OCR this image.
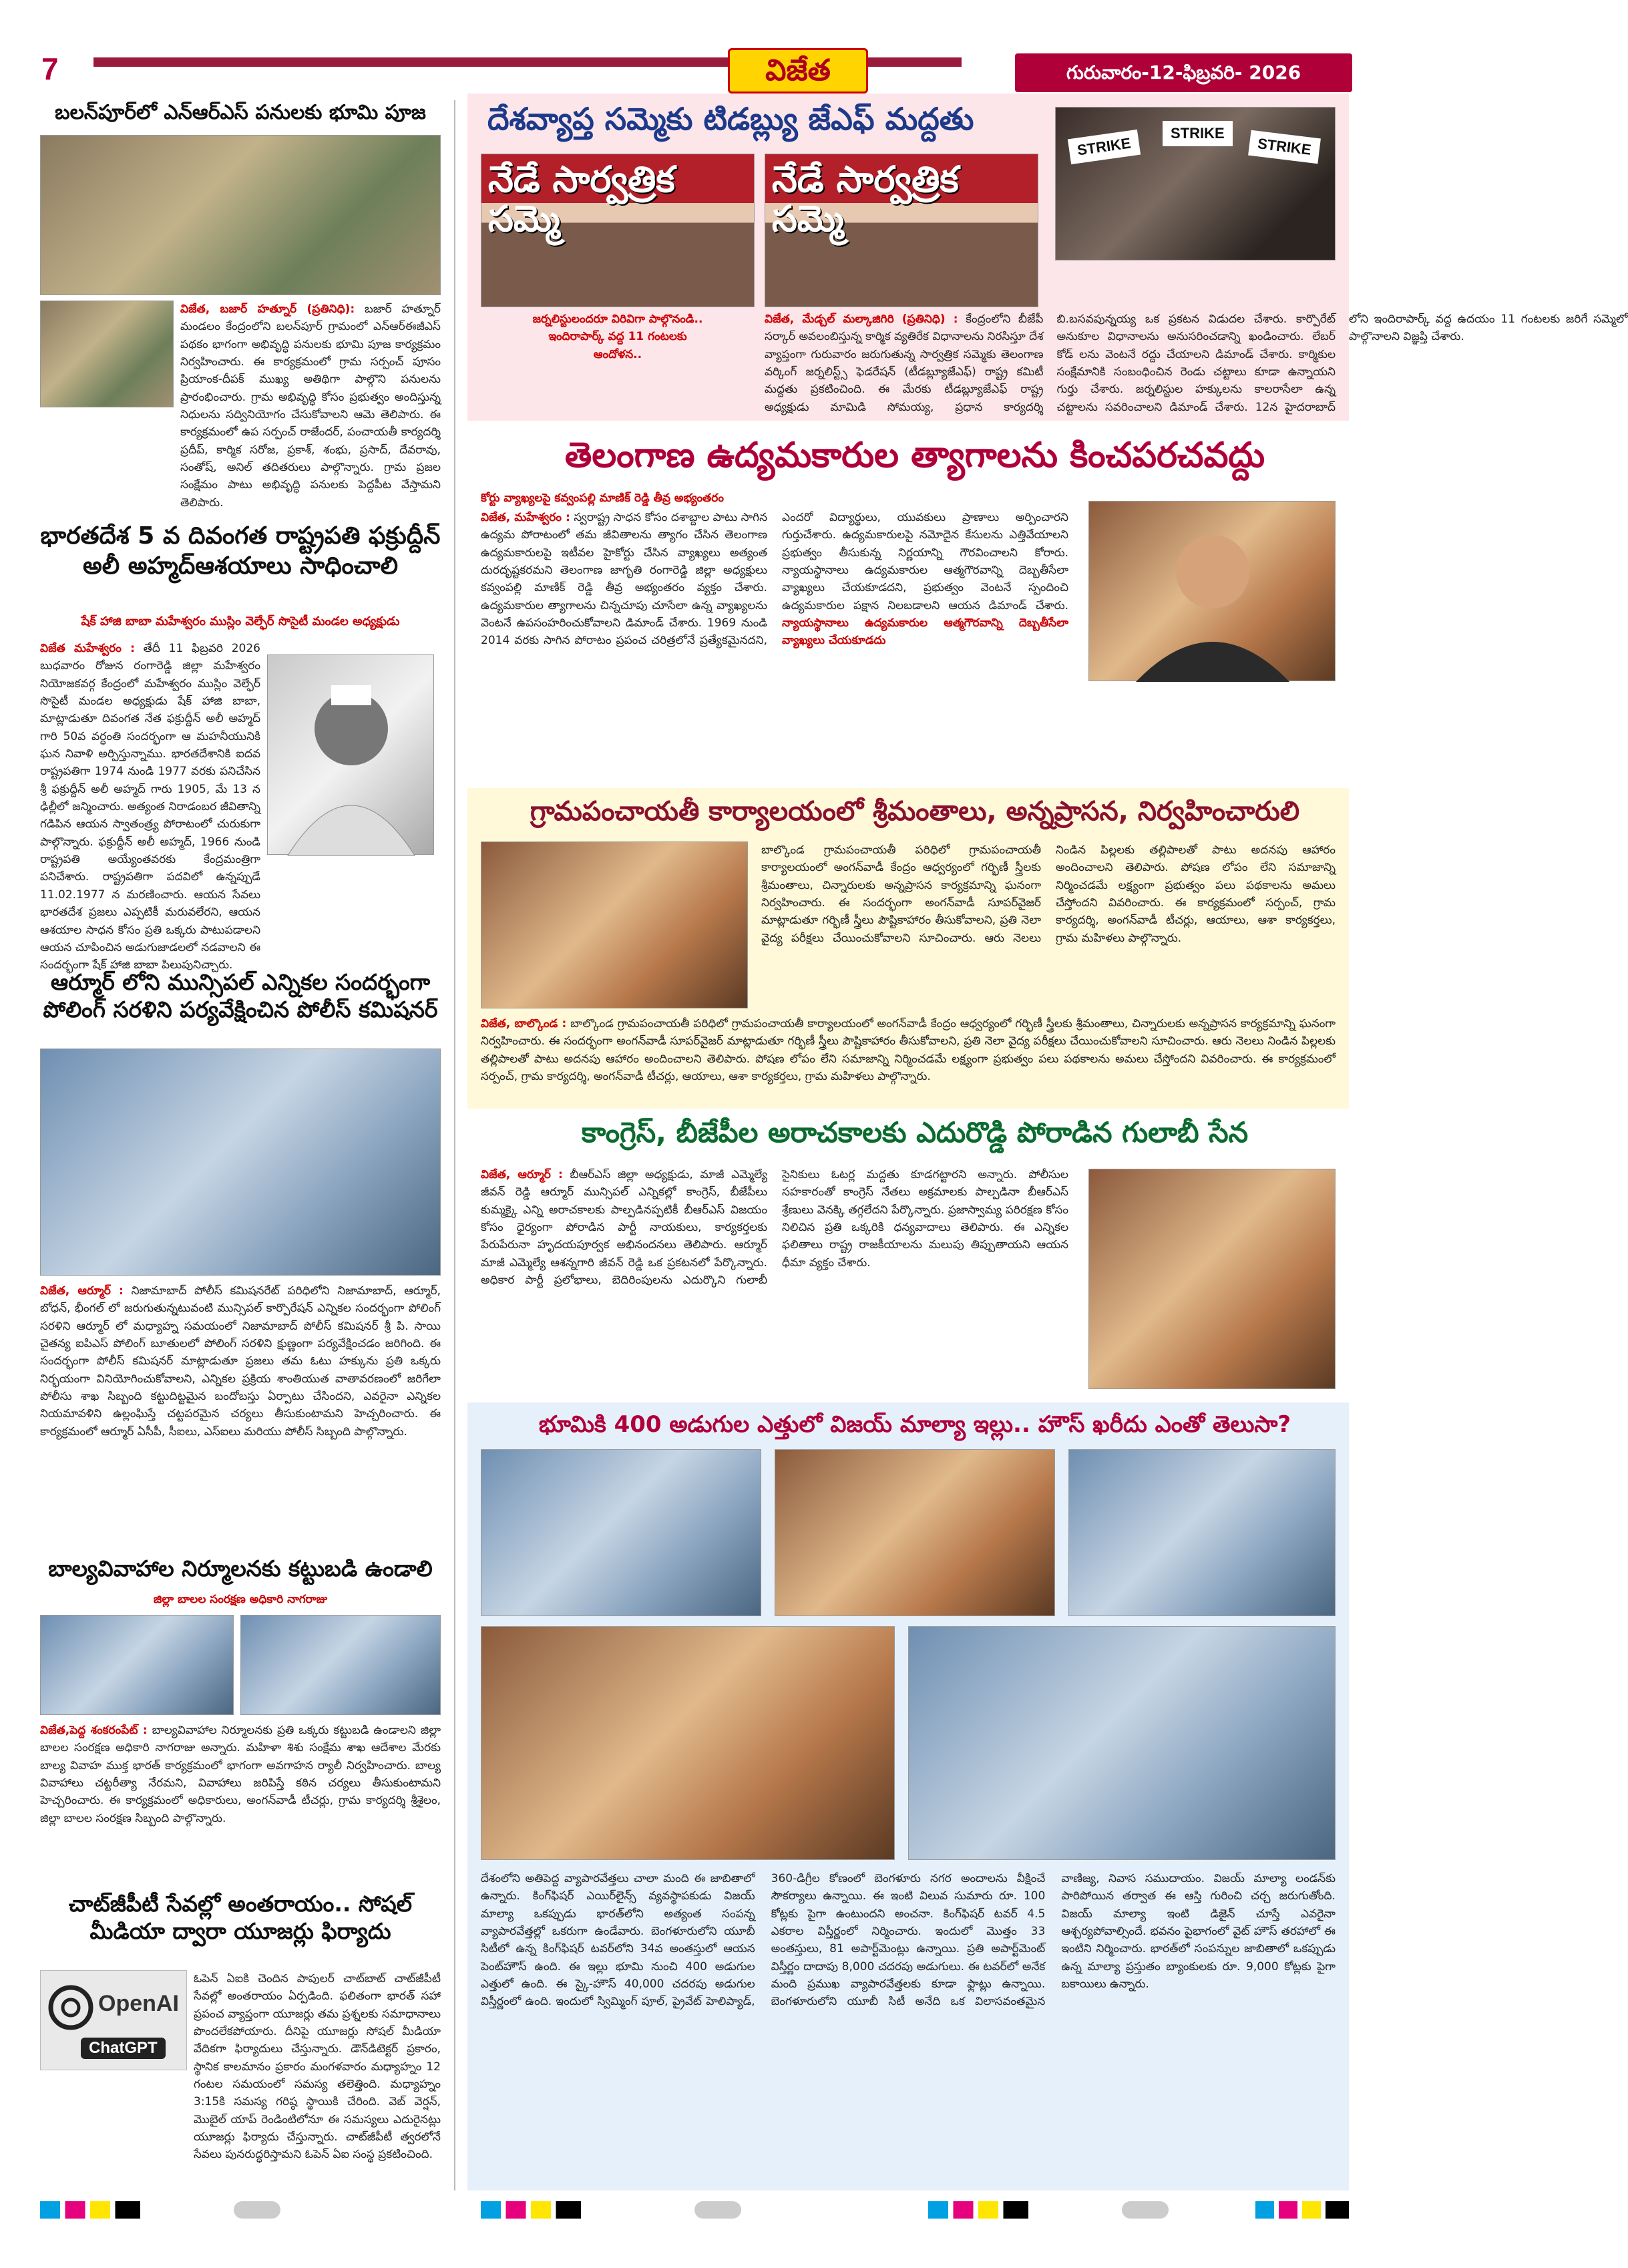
7	విజేత	గురువారం-12-ఫిబ్రవరి- 2026
బలన్‌పూర్‌లో ఎన్‌ఆర్‌ఎస్ పనులకు భూమి పూజ
విజేత, బజార్ హత్నూర్ (ప్రతినిధి): బజార్ హత్నూర్ మండలం కేంద్రంలోని బలన్‌పూర్ గ్రామంలో ఎన్ఆర్ఈజీఎస్ పథకం భాగంగా అభివృద్ధి పనులకు భూమి పూజ కార్యక్రమం నిర్వహించారు. ఈ కార్యక్రమంలో గ్రామ సర్పంచ్ పూసం ప్రియాంక-దీపక్ ముఖ్య అతిథిగా పాల్గొని పనులను ప్రారంభించారు. గ్రామ అభివృద్ధి కోసం ప్రభుత్వం అందిస్తున్న నిధులను సద్వినియోగం చేసుకోవాలని ఆమె తెలిపారు. ఈ కార్యక్రమంలో ఉప సర్పంచ్ రాజేందర్, పంచాయతీ కార్యదర్శి ప్రదీప్, కార్మిక సరోజ, ప్రకాశ్, శంభు, ప్రసాద్, దేవరావు, సంతోష్, అనిల్ తదితరులు పాల్గొన్నారు. గ్రామ ప్రజల సంక్షేమం పాటు అభివృద్ధి పనులకు పెద్దపీట వేస్తామని తెలిపారు.
భారతదేశ 5 వ దివంగత రాష్ట్రపతి ఫక్రుద్దీన్ అలీ అహ్మద్‌ఆశయాలు సాధించాలి
షేక్ హాజి బాబా మహేశ్వరం ముస్లిం వెల్ఫేర్ సొసైటీ మండల అధ్యక్షుడు
విజేత మహేశ్వరం : తేదీ 11 ఫిబ్రవరి 2026 బుధవారం రోజున రంగారెడ్డి జిల్లా మహేశ్వరం నియోజకవర్గ కేంద్రంలో మహేశ్వరం ముస్లిం వెల్ఫేర్ సొసైటీ మండల అధ్యక్షుడు షేక్ హాజి బాబా, మాట్లాడుతూ దివంగత నేత ఫక్రుద్దీన్ అలీ అహ్మద్ గారి 50వ వర్ధంతి సందర్భంగా ఆ మహనీయునికి ఘన నివాళి అర్పిస్తున్నాము. భారతదేశానికి ఐదవ రాష్ట్రపతిగా 1974 నుండి 1977 వరకు పనిచేసిన శ్రీ ఫక్రుద్దీన్ అలీ అహ్మద్ గారు 1905, మే 13 న ఢిల్లీలో జన్మించారు. అత్యంత నిరాడంబర జీవితాన్ని గడిపిన ఆయన స్వాతంత్ర్య పోరాటంలో చురుకుగా పాల్గొన్నారు. ఫక్రుద్దీన్ అలీ అహ్మద్, 1966 నుండి రాష్ట్రపతి అయ్యేంతవరకు కేంద్రమంత్రిగా పనిచేశారు. రాష్ట్రపతిగా పదవిలో ఉన్నప్పుడే 11.02.1977 న మరణించారు. ఆయన సేవలు భారతదేశ ప్రజలు ఎప్పటికీ మరువలేరని, ఆయన ఆశయాల సాధన కోసం ప్రతి ఒక్కరు పాటుపడాలని ఆయన చూపించిన అడుగుజాడలలో నడవాలని ఈ సందర్భంగా షేక్ హాజి బాబా పిలుపునిచ్చారు.
ఆర్మూర్ లోని మున్సిపల్ ఎన్నికల సందర్భంగా పోలింగ్ సరళిని పర్యవేక్షించిన పోలీస్ కమిషనర్
విజేత, ఆర్మూర్ : నిజామాబాద్ పోలీస్ కమిషనరేట్ పరిధిలోని నిజామాబాద్, ఆర్మూర్, బోధన్, భీంగల్ లో జరుగుతున్నటువంటి మున్సిపల్ కార్పొరేషన్ ఎన్నికల సందర్భంగా పోలింగ్ సరళిని ఆర్మూర్ లో మధ్యాహ్న సమయంలో నిజామాబాద్ పోలీస్ కమిషనర్ శ్రీ పి. సాయి చైతన్య ఐపిఎస్ పోలింగ్ బూతులలో పోలింగ్ సరళిని క్షుణ్ణంగా పర్యవేక్షించడం జరిగింది. ఈ సందర్భంగా పోలీస్ కమిషనర్ మాట్లాడుతూ ప్రజలు తమ ఓటు హక్కును ప్రతి ఒక్కరు నిర్భయంగా వినియోగించుకోవాలని, ఎన్నికల ప్రక్రియ శాంతియుత వాతావరణంలో జరిగేలా పోలీసు శాఖ సిబ్బంది కట్టుదిట్టమైన బందోబస్తు ఏర్పాటు చేసిందని, ఎవరైనా ఎన్నికల నియమావళిని ఉల్లంఘిస్తే చట్టపరమైన చర్యలు తీసుకుంటామని హెచ్చరించారు. ఈ కార్యక్రమంలో ఆర్మూర్ ఏసీపీ, సీఐలు, ఎస్ఐలు మరియు పోలీస్ సిబ్బంది పాల్గొన్నారు.
బాల్యవివాహాల నిర్మూలనకు కట్టుబడి ఉండాలి
జిల్లా బాలల సంరక్షణ అధికారి నాగరాజు
విజేత,పెద్ద శంకరంపేట్ : బాల్యవివాహాల నిర్మూలనకు ప్రతి ఒక్కరు కట్టుబడి ఉండాలని జిల్లా బాలల సంరక్షణ అధికారి నాగరాజు అన్నారు. మహిళా శిశు సంక్షేమ శాఖ ఆదేశాల మేరకు బాల్య వివాహ ముక్త భారత్ కార్యక్రమంలో భాగంగా అవగాహన ర్యాలీ నిర్వహించారు. బాల్య వివాహాలు చట్టరీత్యా నేరమని, వివాహాలు జరిపిస్తే కఠిన చర్యలు తీసుకుంటామని హెచ్చరించారు. ఈ కార్యక్రమంలో అధికారులు, అంగన్‌వాడీ టీచర్లు, గ్రామ కార్యదర్శి శ్రీశైలం, జిల్లా బాలల సంరక్షణ సిబ్బంది పాల్గొన్నారు.
చాట్‌జీపీటీ సేవల్లో అంతరాయం.. సోషల్ మీడియా ద్వారా యూజర్లు ఫిర్యాదు
OpenAI
ChatGPT
ఓపెన్ ఏఐకి చెందిన పాపులర్ చాట్‌బాట్ చాట్‌జీపీటీ సేవల్లో అంతరాయం ఏర్పడింది. ఫలితంగా భారత్ సహా ప్రపంచ వ్యాప్తంగా యూజర్లు తమ ప్రశ్నలకు సమాధానాలు పొందలేకపోయారు. దీనిపై యూజర్లు సోషల్ మీడియా వేదికగా ఫిర్యాదులు చేస్తున్నారు. డౌన్‌డిటెక్టర్ ప్రకారం, స్థానిక కాలమానం ప్రకారం మంగళవారం మధ్యాహ్నం 12 గంటల సమయంలో సమస్య తలెత్తింది. మధ్యాహ్నం 3:15కి సమస్య గరిష్ఠ స్థాయికి చేరింది. వెబ్ వెర్షన్, మొబైల్ యాప్ రెండింటిలోనూ ఈ సమస్యలు ఎదురైనట్లు యూజర్లు ఫిర్యాదు చేస్తున్నారు. చాట్‌జీపీటీ త్వరలోనే సేవలు పునరుద్ధరిస్తామని ఓపెన్ ఏఐ సంస్థ ప్రకటించింది.
దేశవ్యాప్త సమ్మెకు టిడబ్ల్యు జేఎఫ్ మద్దతు
నేడే సార్వత్రిక సమ్మె
నేడే సార్వత్రిక సమ్మె
జర్నలిస్టులందరూ విరివిగా పాల్గొనండి..
ఇందిరాపార్క్ వద్ద 11 గంటలకు
ఆందోళన..
STRIKE
STRIKE
STRIKE
విజేత, మేడ్చల్ మల్కాజిగిరి (ప్రతినిధి) : కేంద్రంలోని బీజేపీ సర్కార్ అవలంబిస్తున్న కార్మిక వ్యతిరేక విధానాలను నిరసిస్తూ దేశ వ్యాప్తంగా గురువారం జరుగుతున్న సార్వత్రిక సమ్మెకు తెలంగాణ వర్కింగ్ జర్నలిస్ట్స్ ఫెడరేషన్ (టీడబ్ల్యూజేఎఫ్) రాష్ట్ర కమిటీ మద్దతు ప్రకటించింది. ఈ మేరకు టీడబ్ల్యూజేఎఫ్ రాష్ట్ర అధ్యక్షుడు మామిడి సోమయ్య, ప్రధాన కార్యదర్శి బి.బసవపున్నయ్య ఒక ప్రకటన విడుదల చేశారు. కార్పొరేట్ అనుకూల విధానాలను అనుసరించడాన్ని ఖండించారు. లేబర్ కోడ్ లను వెంటనే రద్దు చేయాలని డిమాండ్ చేశారు. కార్మికుల సంక్షేమానికి సంబంధించిన రెండు చట్టాలు కూడా ఉన్నాయని గుర్తు చేశారు. జర్నలిస్టుల హక్కులను కాలరాసేలా ఉన్న చట్టాలను సవరించాలని డిమాండ్ చేశారు. 12న హైదరాబాద్ లోని ఇందిరాపార్క్ వద్ద ఉదయం 11 గంటలకు జరిగే సమ్మెలో పాల్గొనాలని విజ్ఞప్తి చేశారు.
తెలంగాణ ఉద్యమకారుల త్యాగాలను కించపరచవద్దు
కోర్టు వ్యాఖ్యలపై కవ్వంపల్లి మాణిక్ రెడ్డి తీవ్ర అభ్యంతరం
విజేత, మహేశ్వరం : స్వరాష్ట్ర సాధన కోసం దశాబ్దాల పాటు సాగిన ఉద్యమ పోరాటంలో తమ జీవితాలను త్యాగం చేసిన తెలంగాణ ఉద్యమకారులపై ఇటీవల హైకోర్టు చేసిన వ్యాఖ్యలు అత్యంత దురదృష్టకరమని తెలంగాణ జాగృతి రంగారెడ్డి జిల్లా అధ్యక్షులు కవ్వంపల్లి మాణిక్ రెడ్డి తీవ్ర అభ్యంతరం వ్యక్తం చేశారు. ఉద్యమకారుల త్యాగాలను చిన్నచూపు చూసేలా ఉన్న వ్యాఖ్యలను వెంటనే ఉపసంహరించుకోవాలని డిమాండ్ చేశారు. 1969 నుండి 2014 వరకు సాగిన పోరాటం ప్రపంచ చరిత్రలోనే ప్రత్యేకమైనదని, ఎందరో విద్యార్థులు, యువకులు ప్రాణాలు అర్పించారని గుర్తుచేశారు. ఉద్యమకారులపై నమోదైన కేసులను ఎత్తివేయాలని ప్రభుత్వం తీసుకున్న నిర్ణయాన్ని గౌరవించాలని కోరారు. న్యాయస్థానాలు ఉద్యమకారుల ఆత్మగౌరవాన్ని దెబ్బతీసేలా వ్యాఖ్యలు చేయకూడదని, ప్రభుత్వం వెంటనే స్పందించి ఉద్యమకారుల పక్షాన నిలబడాలని ఆయన డిమాండ్ చేశారు. న్యాయస్థానాలు ఉద్యమకారుల ఆత్మగౌరవాన్ని దెబ్బతీసేలా వ్యాఖ్యలు చేయకూడదు
గ్రామపంచాయతీ కార్యాలయంలో శ్రీమంతాలు, అన్నప్రాసన, నిర్వహించారులి
విజేత, బాల్కొండ : బాల్కొండ గ్రామపంచాయతీ పరిధిలో గ్రామపంచాయతీ కార్యాలయంలో అంగన్‌వాడీ కేంద్రం ఆధ్వర్యంలో గర్భిణీ స్త్రీలకు శ్రీమంతాలు, చిన్నారులకు అన్నప్రాసన కార్యక్రమాన్ని ఘనంగా నిర్వహించారు. ఈ సందర్భంగా అంగన్‌వాడీ సూపర్‌వైజర్ మాట్లాడుతూ గర్భిణీ స్త్రీలు పౌష్టికాహారం తీసుకోవాలని, ప్రతి నెలా వైద్య పరీక్షలు చేయించుకోవాలని సూచించారు. ఆరు నెలలు నిండిన పిల్లలకు తల్లిపాలతో పాటు అదనపు ఆహారం అందించాలని తెలిపారు. పోషణ లోపం లేని సమాజాన్ని నిర్మించడమే లక్ష్యంగా ప్రభుత్వం పలు పథకాలను అమలు చేస్తోందని వివరించారు. ఈ కార్యక్రమంలో సర్పంచ్, గ్రామ కార్యదర్శి, అంగన్‌వాడీ టీచర్లు, ఆయాలు, ఆశా కార్యకర్తలు, గ్రామ మహిళలు పాల్గొన్నారు.
బాల్కొండ గ్రామపంచాయతీ పరిధిలో గ్రామపంచాయతీ కార్యాలయంలో అంగన్‌వాడీ కేంద్రం ఆధ్వర్యంలో గర్భిణీ స్త్రీలకు శ్రీమంతాలు, చిన్నారులకు అన్నప్రాసన కార్యక్రమాన్ని ఘనంగా నిర్వహించారు. ఈ సందర్భంగా అంగన్‌వాడీ సూపర్‌వైజర్ మాట్లాడుతూ గర్భిణీ స్త్రీలు పౌష్టికాహారం తీసుకోవాలని, ప్రతి నెలా వైద్య పరీక్షలు చేయించుకోవాలని సూచించారు. ఆరు నెలలు నిండిన పిల్లలకు తల్లిపాలతో పాటు అదనపు ఆహారం అందించాలని తెలిపారు. పోషణ లోపం లేని సమాజాన్ని నిర్మించడమే లక్ష్యంగా ప్రభుత్వం పలు పథకాలను అమలు చేస్తోందని వివరించారు. ఈ కార్యక్రమంలో సర్పంచ్, గ్రామ కార్యదర్శి, అంగన్‌వాడీ టీచర్లు, ఆయాలు, ఆశా కార్యకర్తలు, గ్రామ మహిళలు పాల్గొన్నారు.
కాంగ్రెస్, బీజేపీల అరాచకాలకు ఎదురొడ్డి పోరాడిన గులాబీ సేన
విజేత, ఆర్మూర్ : బీఆర్ఎస్ జిల్లా అధ్యక్షుడు, మాజీ ఎమ్మెల్యే జీవన్ రెడ్డి ఆర్మూర్ మున్సిపల్ ఎన్నికల్లో కాంగ్రెస్, బీజేపీలు కుమ్మక్కై ఎన్ని అరాచకాలకు పాల్పడినప్పటికీ బీఆర్ఎస్ విజయం కోసం ధైర్యంగా పోరాడిన పార్టీ నాయకులు, కార్యకర్తలకు పేరుపేరునా హృదయపూర్వక అభినందనలు తెలిపారు. ఆర్మూర్ మాజీ ఎమ్మెల్యే ఆశన్నగారి జీవన్ రెడ్డి ఒక ప్రకటనలో పేర్కొన్నారు. అధికార పార్టీ ప్రలోభాలు, బెదిరింపులను ఎదుర్కొని గులాబీ సైనికులు ఓటర్ల మద్దతు కూడగట్టారని అన్నారు. పోలీసుల సహకారంతో కాంగ్రెస్ నేతలు అక్రమాలకు పాల్పడినా బీఆర్ఎస్ శ్రేణులు వెనక్కి తగ్గలేదని పేర్కొన్నారు. ప్రజాస్వామ్య పరిరక్షణ కోసం నిలిచిన ప్రతి ఒక్కరికి ధన్యవాదాలు తెలిపారు. ఈ ఎన్నికల ఫలితాలు రాష్ట్ర రాజకీయాలను మలుపు తిప్పుతాయని ఆయన ధీమా వ్యక్తం చేశారు.
భూమికి 400 అడుగుల ఎత్తులో విజయ్ మాల్యా ఇల్లు.. హౌస్ ఖరీదు ఎంతో తెలుసా?
దేశంలోని అతిపెద్ద వ్యాపారవేత్తలు చాలా మంది ఈ జాబితాలో ఉన్నారు. కింగ్‌ఫిషర్ ఎయిర్‌లైన్స్ వ్యవస్థాపకుడు విజయ్ మాల్యా ఒకప్పుడు భారత్‌లోని అత్యంత సంపన్న వ్యాపారవేత్తల్లో ఒకరుగా ఉండేవారు. బెంగళూరులోని యూబీ సిటీలో ఉన్న కింగ్‌ఫిషర్ టవర్‌లోని 34వ అంతస్తులో ఆయన పెంట్‌హౌస్ ఉంది. ఈ ఇల్లు భూమి నుంచి 400 అడుగుల ఎత్తులో ఉంది. ఈ స్కై-హౌస్ 40,000 చదరపు అడుగుల విస్తీర్ణంలో ఉంది. ఇందులో స్విమ్మింగ్ పూల్, ప్రైవేట్ హెలిప్యాడ్, 360-డిగ్రీల కోణంలో బెంగళూరు నగర అందాలను వీక్షించే సౌకర్యాలు ఉన్నాయి. ఈ ఇంటి విలువ సుమారు రూ. 100 కోట్లకు పైగా ఉంటుందని అంచనా. కింగ్‌ఫిషర్ టవర్ 4.5 ఎకరాల విస్తీర్ణంలో నిర్మించారు. ఇందులో మొత్తం 33 అంతస్తులు, 81 అపార్ట్‌మెంట్లు ఉన్నాయి. ప్రతి అపార్ట్‌మెంట్ విస్తీర్ణం దాదాపు 8,000 చదరపు అడుగులు. ఈ టవర్‌లో అనేక మంది ప్రముఖ వ్యాపారవేత్తలకు కూడా ఫ్లాట్లు ఉన్నాయి. బెంగళూరులోని యూబీ సిటీ అనేది ఒక విలాసవంతమైన వాణిజ్య, నివాస సముదాయం. విజయ్ మాల్యా లండన్‌కు పారిపోయిన తర్వాత ఈ ఆస్తి గురించి చర్చ జరుగుతోంది. విజయ్ మాల్యా ఇంటి డిజైన్ చూస్తే ఎవరైనా ఆశ్చర్యపోవాల్సిందే. భవనం పైభాగంలో వైట్ హౌస్ తరహాలో ఈ ఇంటిని నిర్మించారు. భారత్‌లో సంపన్నుల జాబితాలో ఒకప్పుడు ఉన్న మాల్యా ప్రస్తుతం బ్యాంకులకు రూ. 9,000 కోట్లకు పైగా బకాయిలు ఉన్నారు.
